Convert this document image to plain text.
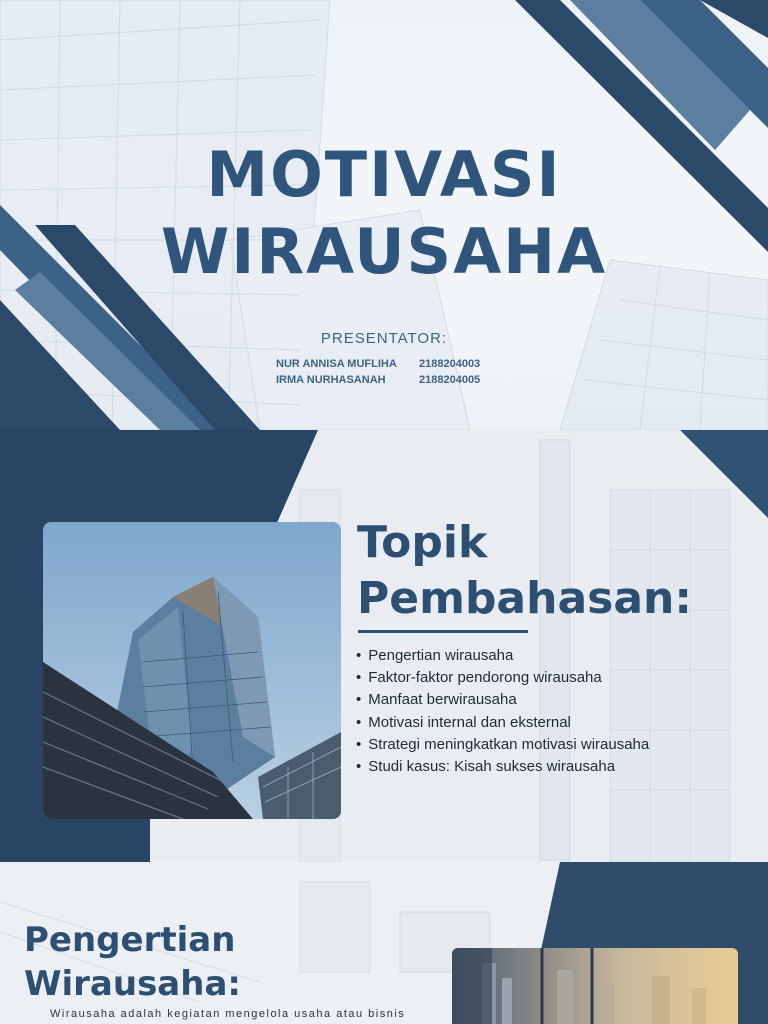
MOTIVASI
WIRAUSAHA
PRESENTATOR:
NUR ANNISA MUFLIHA 2188204003
IRMA NURHASANAH	2188204005
Topik
Pembahasan:
• Pengertian wirausaha
• Faktor-faktor pendorong wirausaha
• Manfaat berwirausaha
• Motivasi internal dan eksternal
• Strategi meningkatkan motivasi wirausaha
• Studi kasus: Kisah sukses wirausaha
Pengertian
Wirausaha:
Wirausaha adalah kegiatan mengelola usaha atau bisnis
